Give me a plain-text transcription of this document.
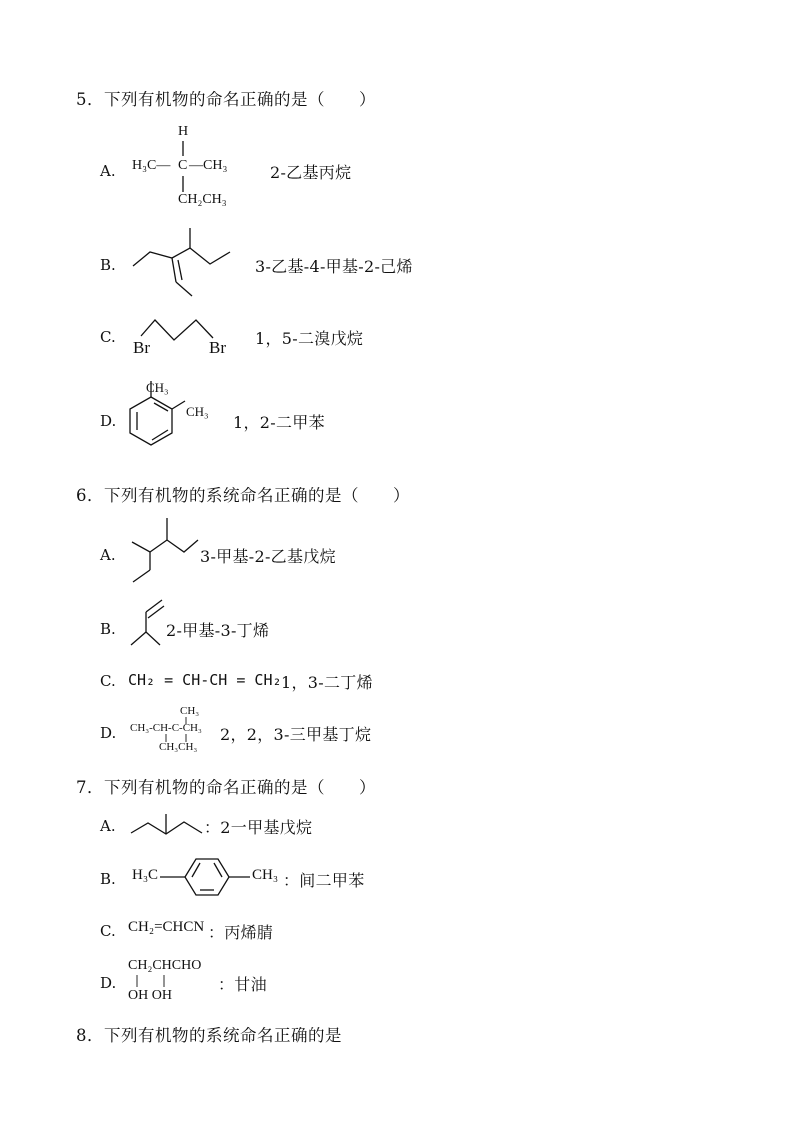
5．下列有机物的命名正确的是（　　）
A.
H
H₃C— C —CH₃
CH₂CH₃
2-乙基丙烷
B.	3-乙基-4-甲基-2-己烯
C.
Br	Br 1，5-二溴戊烷
D.
CH₃
CH₃
1，2-二甲苯
6．下列有机物的系统命名正确的是（　　）
A.	3-甲基-2-乙基戊烷
B.	2-甲基-3-丁烯
C. CH₂ = CH-CH = CH₂ 1，3-二丁烯
D.
CH₃
CH₃-CH-C-CH₃
CH₃CH₃
2，2，3-三甲基丁烷
7．下列有机物的命名正确的是（　　）
A.	：2一甲基戊烷
B. H₃C	CH₃ ：间二甲苯
C. CH₂=CHCN ：丙烯腈
D.
CH₂CHCHO
OH OH
：甘油
8．下列有机物的系统命名正确的是
